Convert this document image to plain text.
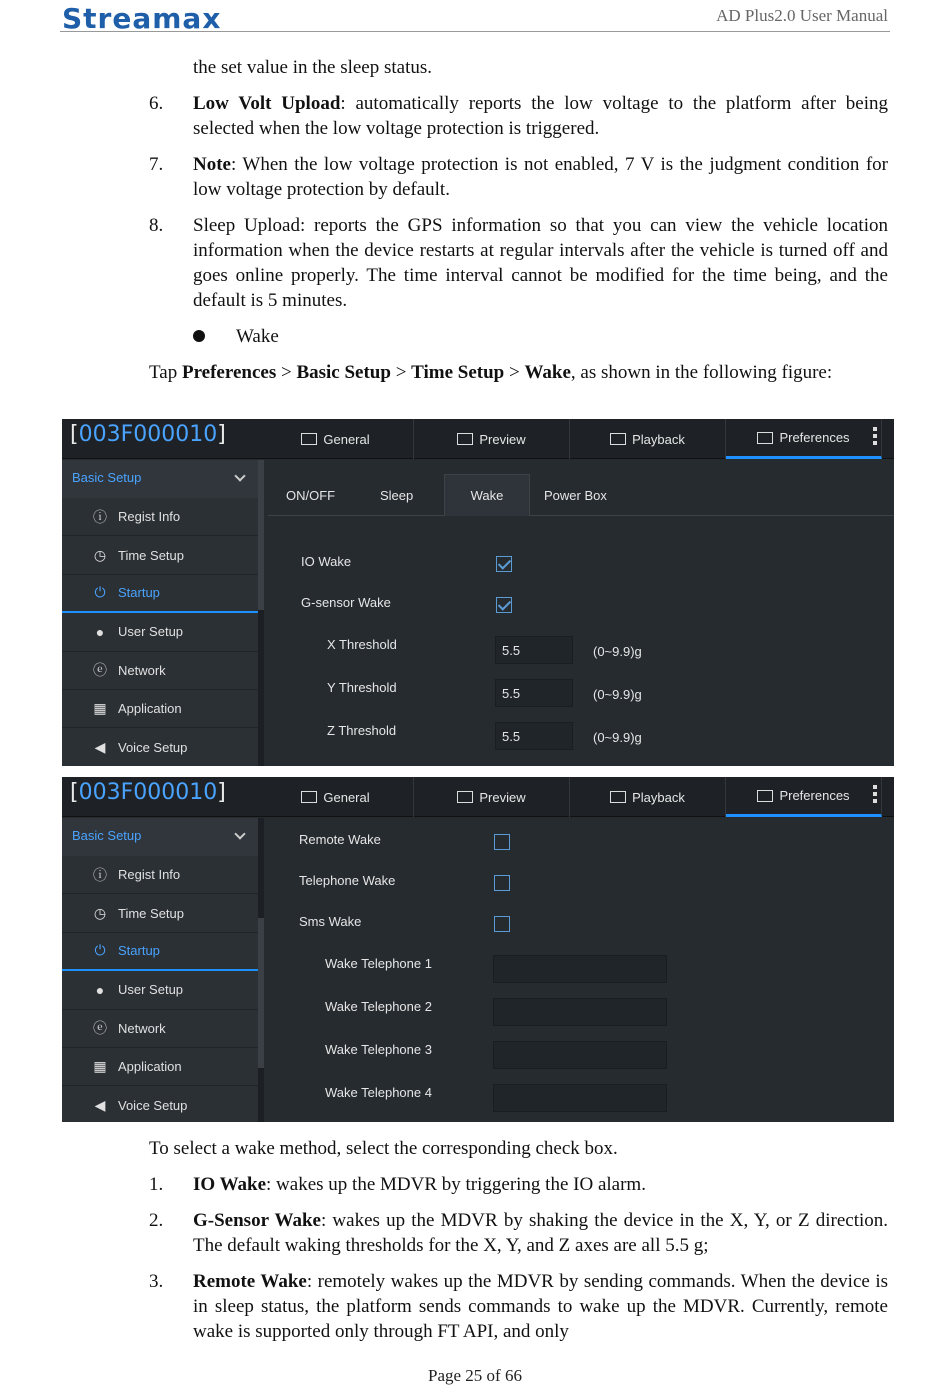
Streamax	AD Plus2.0 User Manual
the set value in the sleep status.
6. Low Volt Upload: automatically reports the low voltage to the platform after being selected when the low voltage protection is triggered.
7. Note: When the low voltage protection is not enabled, 7 V is the judgment condition for low voltage protection by default.
8. Sleep Upload: reports the GPS information so that you can view the vehicle location information when the device restarts at regular intervals after the vehicle is turned off and goes online properly. The time interval cannot be modified for the time being, and the default is 5 minutes.
Wake
Tap Preferences > Basic Setup > Time Setup > Wake, as shown in the following figure:
[003F000010]	General	Preview	Playback	Preferences
Basic Setup
ⓘ Regist Info
◷ Time Setup
⏻ Startup
● User Setup
ⓔ Network
▦ Application
◀ Voice Setup
ON/OFF	Sleep	Wake	Power Box
IO Wake
G-sensor Wake
X Threshold	5.5	(0~9.9)g
Y Threshold	5.5	(0~9.9)g
Z Threshold	5.5	(0~9.9)g
[003F000010]	General	Preview	Playback	Preferences
Basic Setup
ⓘ Regist Info
◷ Time Setup
⏻ Startup
● User Setup
ⓔ Network
▦ Application
◀ Voice Setup
Remote Wake
Telephone Wake
Sms Wake
Wake Telephone 1
Wake Telephone 2
Wake Telephone 3
Wake Telephone 4
To select a wake method, select the corresponding check box.
1. IO Wake: wakes up the MDVR by triggering the IO alarm.
2. G-Sensor Wake: wakes up the MDVR by shaking the device in the X, Y, or Z direction. The default waking thresholds for the X, Y, and Z axes are all 5.5 g;
3. Remote Wake: remotely wakes up the MDVR by sending commands. When the device is in sleep status, the platform sends commands to wake up the MDVR. Currently, remote wake is supported only through FT API, and only
Page 25 of 66
